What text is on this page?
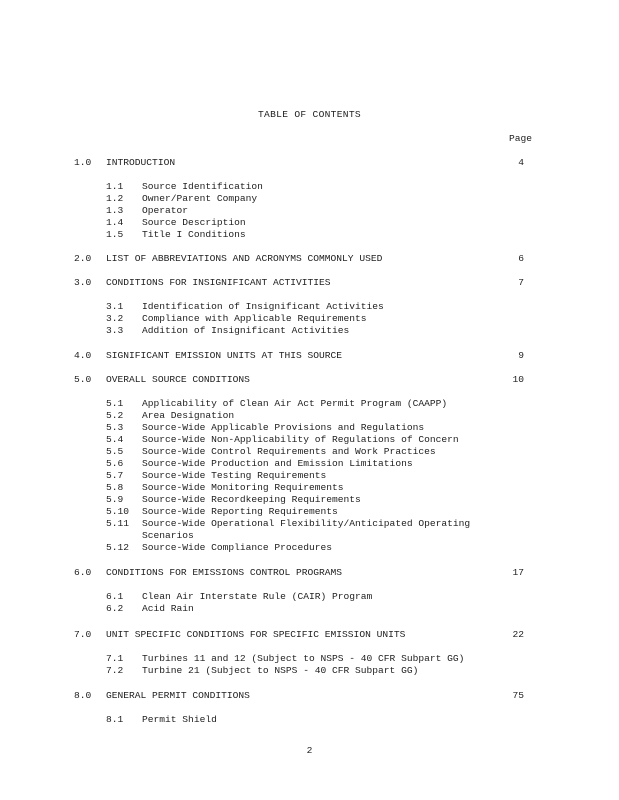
TABLE OF CONTENTS
Page
1.0 INTRODUCTION	4
1.1 Source Identification
1.2 Owner/Parent Company
1.3 Operator
1.4 Source Description
1.5 Title I Conditions
2.0 LIST OF ABBREVIATIONS AND ACRONYMS COMMONLY USED	6
3.0 CONDITIONS FOR INSIGNIFICANT ACTIVITIES	7
3.1 Identification of Insignificant Activities
3.2 Compliance with Applicable Requirements
3.3 Addition of Insignificant Activities
4.0 SIGNIFICANT EMISSION UNITS AT THIS SOURCE	9
5.0 OVERALL SOURCE CONDITIONS	10
5.1 Applicability of Clean Air Act Permit Program (CAAPP)
5.2 Area Designation
5.3 Source-Wide Applicable Provisions and Regulations
5.4 Source-Wide Non-Applicability of Regulations of Concern
5.5 Source-Wide Control Requirements and Work Practices
5.6 Source-Wide Production and Emission Limitations
5.7 Source-Wide Testing Requirements
5.8 Source-Wide Monitoring Requirements
5.9 Source-Wide Recordkeeping Requirements
5.10 Source-Wide Reporting Requirements
5.11 Source-Wide Operational Flexibility/Anticipated Operating
Scenarios
5.12 Source-Wide Compliance Procedures
6.0 CONDITIONS FOR EMISSIONS CONTROL PROGRAMS	17
6.1 Clean Air Interstate Rule (CAIR) Program
6.2 Acid Rain
7.0 UNIT SPECIFIC CONDITIONS FOR SPECIFIC EMISSION UNITS	22
7.1 Turbines 11 and 12 (Subject to NSPS - 40 CFR Subpart GG)
7.2 Turbine 21 (Subject to NSPS - 40 CFR Subpart GG)
8.0 GENERAL PERMIT CONDITIONS	75
8.1 Permit Shield
2
